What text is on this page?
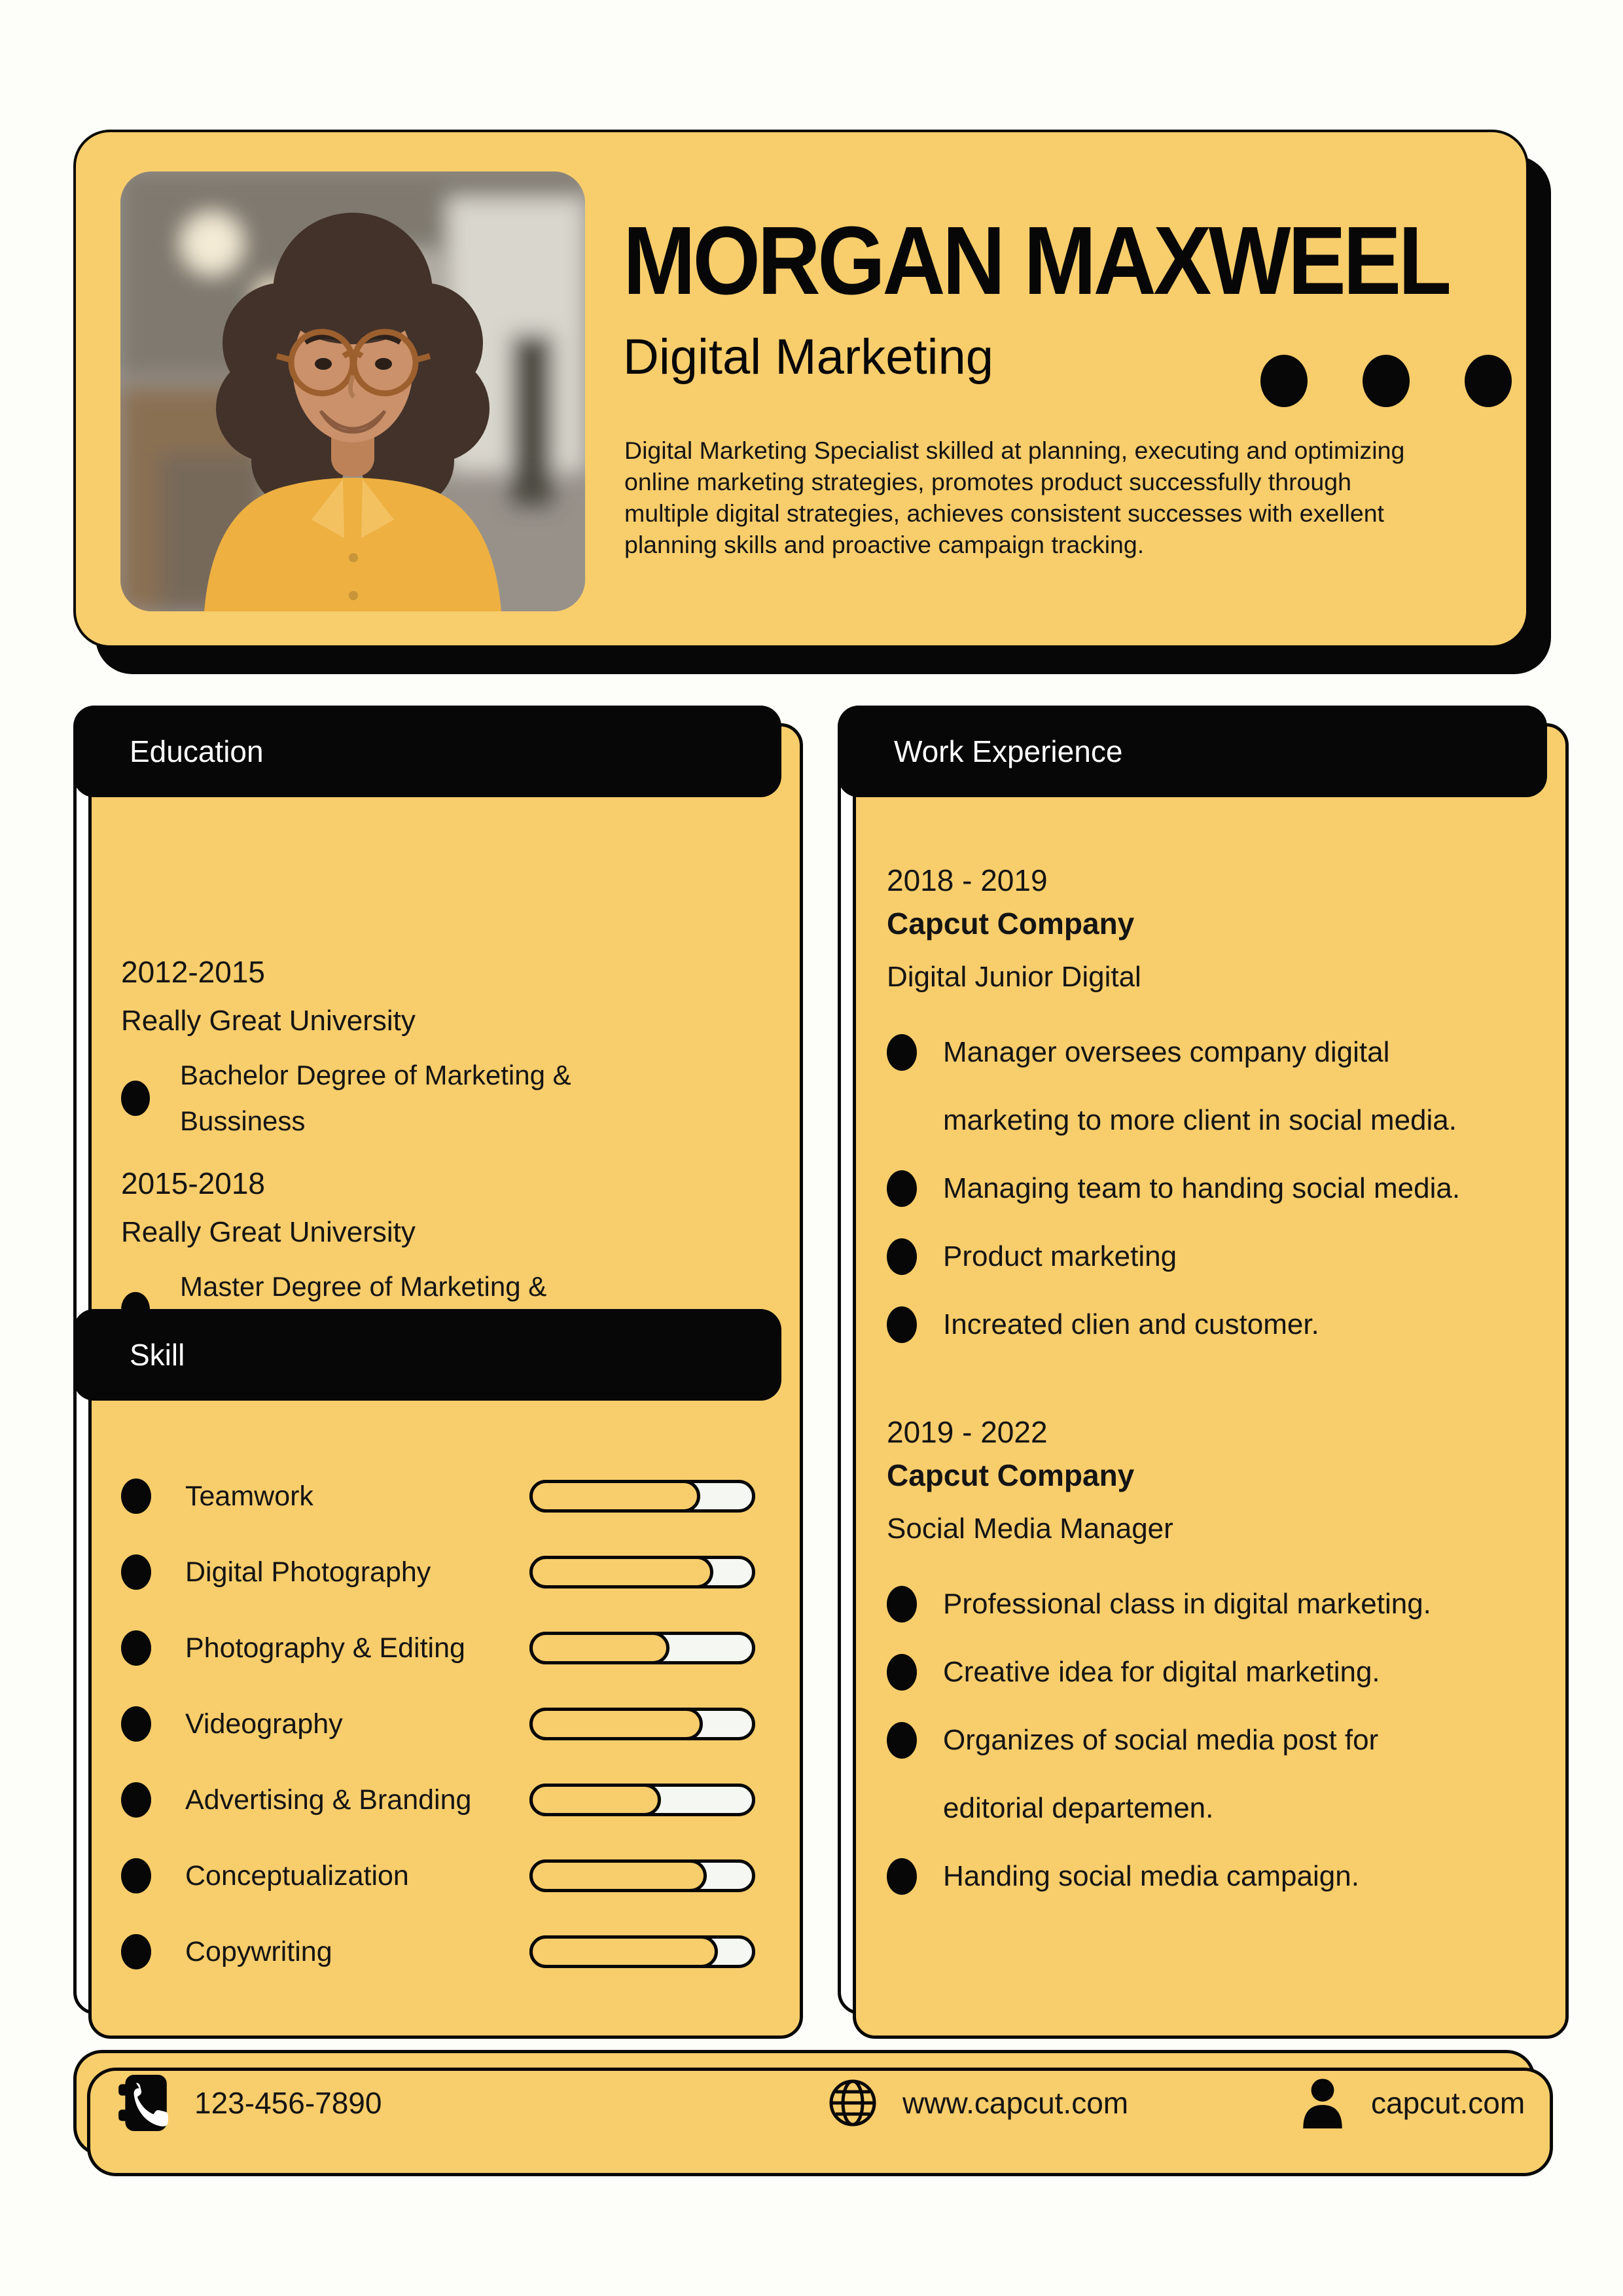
MORGAN MAXWEEL
Digital Marketing
Digital Marketing Specialist skilled at planning, executing and optimizing
online marketing strategies, promotes product successfully through
multiple digital strategies, achieves consistent successes with exellent
planning skills and proactive campaign tracking.
Education
2012-2015
Really Great University
Bachelor Degree of Marketing &
Bussiness
2015-2018
Really Great University
Master Degree of Marketing &
Skill
Teamwork
Digital Photography
Photography & Editing
Videography
Advertising & Branding
Conceptualization
Copywriting
Work Experience
2018 - 2019
Capcut Company
Digital Junior Digital
Manager oversees company digital
marketing to more client in social media.
Managing team to handing social media.
Product marketing
Increated clien and customer.
2019 - 2022
Capcut Company
Social Media Manager
Professional class in digital marketing.
Creative idea for digital marketing.
Organizes of social media post for
editorial departemen.
Handing social media campaign.
123-456-7890	www.capcut.com	capcut.com
